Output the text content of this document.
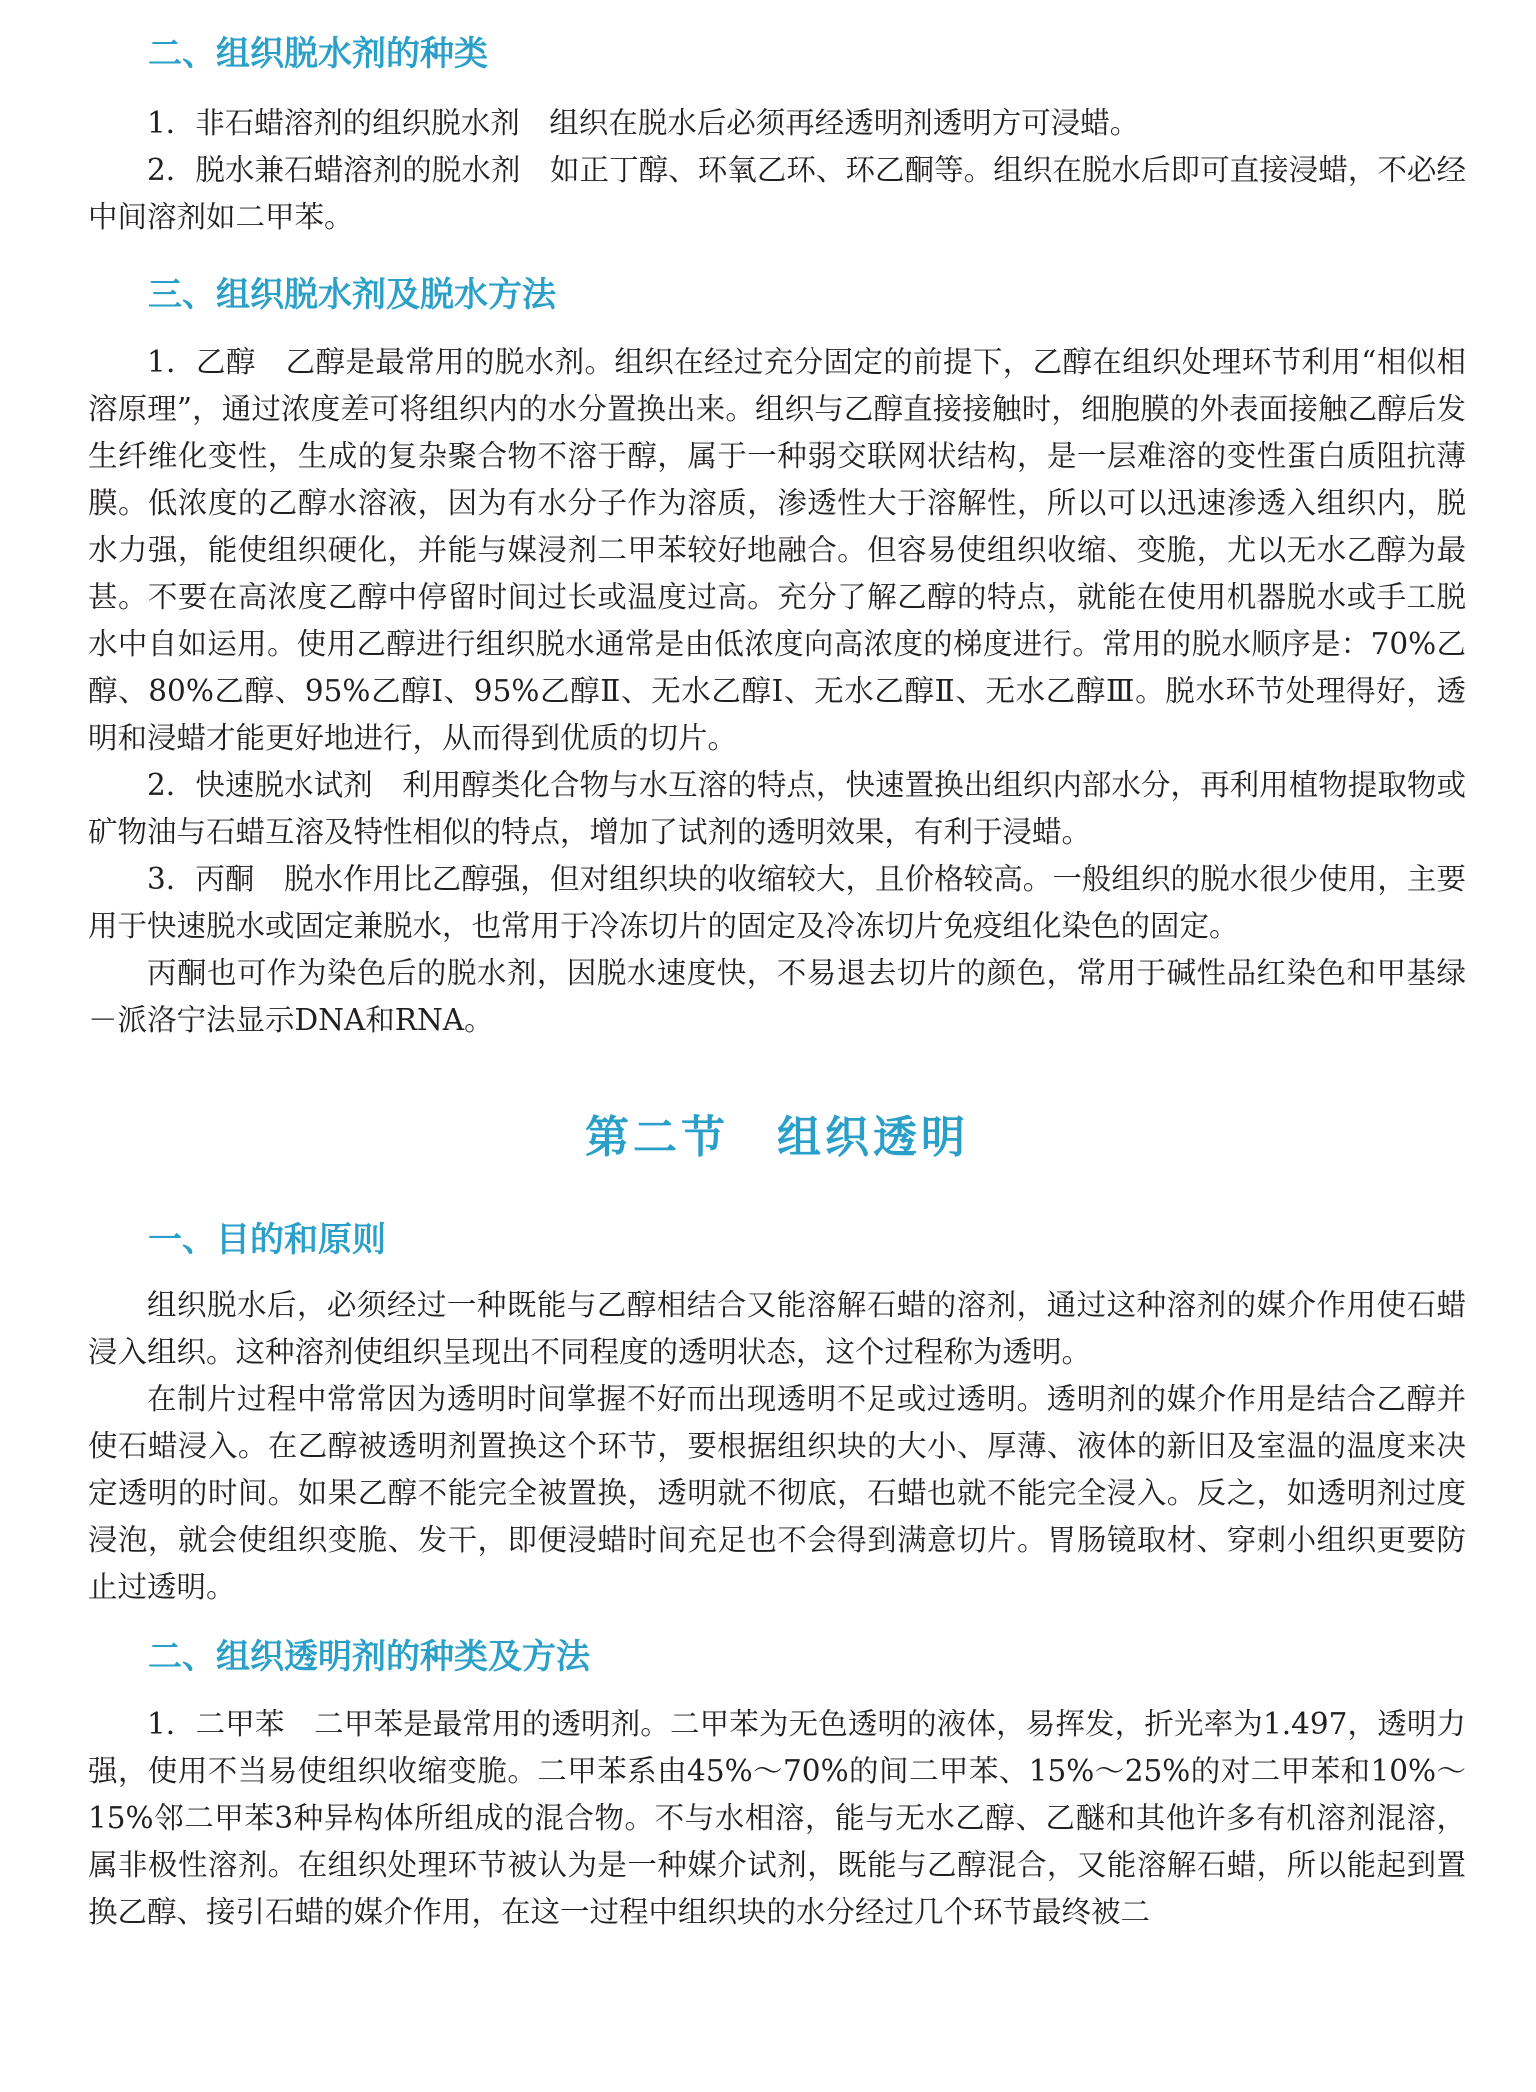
二、组织脱水剂的种类

1．非石蜡溶剂的组织脱水剂　组织在脱水后必须再经透明剂透明方可浸蜡。

2．脱水兼石蜡溶剂的脱水剂　如正丁醇、环氧乙环、环乙酮等。组织在脱水后即可直接浸蜡，不必经中间溶剂如二甲苯。

三、组织脱水剂及脱水方法

1．乙醇　乙醇是最常用的脱水剂。组织在经过充分固定的前提下，乙醇在组织处理环节利用“相似相溶原理”，通过浓度差可将组织内的水分置换出来。组织与乙醇直接接触时，细胞膜的外表面接触乙醇后发生纤维化变性，生成的复杂聚合物不溶于醇，属于一种弱交联网状结构，是一层难溶的变性蛋白质阻抗薄膜。低浓度的乙醇水溶液，因为有水分子作为溶质，渗透性大于溶解性，所以可以迅速渗透入组织内，脱水力强，能使组织硬化，并能与媒浸剂二甲苯较好地融合。但容易使组织收缩、变脆，尤以无水乙醇为最甚。不要在高浓度乙醇中停留时间过长或温度过高。充分了解乙醇的特点，就能在使用机器脱水或手工脱水中自如运用。使用乙醇进行组织脱水通常是由低浓度向高浓度的梯度进行。常用的脱水顺序是：70%乙醇、80%乙醇、95%乙醇Ⅰ、95%乙醇Ⅱ、无水乙醇Ⅰ、无水乙醇Ⅱ、无水乙醇Ⅲ。脱水环节处理得好，透明和浸蜡才能更好地进行，从而得到优质的切片。

2．快速脱水试剂　利用醇类化合物与水互溶的特点，快速置换出组织内部水分，再利用植物提取物或矿物油与石蜡互溶及特性相似的特点，增加了试剂的透明效果，有利于浸蜡。

3．丙酮　脱水作用比乙醇强，但对组织块的收缩较大，且价格较高。一般组织的脱水很少使用，主要用于快速脱水或固定兼脱水，也常用于冷冻切片的固定及冷冻切片免疫组化染色的固定。

丙酮也可作为染色后的脱水剂，因脱水速度快，不易退去切片的颜色，常用于碱性品红染色和甲基绿－派洛宁法显示DNA和RNA。

第二节　组织透明
一、目的和原则

组织脱水后，必须经过一种既能与乙醇相结合又能溶解石蜡的溶剂，通过这种溶剂的媒介作用使石蜡浸入组织。这种溶剂使组织呈现出不同程度的透明状态，这个过程称为透明。

在制片过程中常常因为透明时间掌握不好而出现透明不足或过透明。透明剂的媒介作用是结合乙醇并使石蜡浸入。在乙醇被透明剂置换这个环节，要根据组织块的大小、厚薄、液体的新旧及室温的温度来决定透明的时间。如果乙醇不能完全被置换，透明就不彻底，石蜡也就不能完全浸入。反之，如透明剂过度浸泡，就会使组织变脆、发干，即便浸蜡时间充足也不会得到满意切片。胃肠镜取材、穿刺小组织更要防止过透明。

二、组织透明剂的种类及方法

1．二甲苯　二甲苯是最常用的透明剂。二甲苯为无色透明的液体，易挥发，折光率为1.497，透明力强，使用不当易使组织收缩变脆。二甲苯系由45%～70%的间二甲苯、15%～25%的对二甲苯和10%～15%邻二甲苯3种异构体所组成的混合物。不与水相溶，能与无水乙醇、乙醚和其他许多有机溶剂混溶，属非极性溶剂。在组织处理环节被认为是一种媒介试剂，既能与乙醇混合，又能溶解石蜡，所以能起到置换乙醇、接引石蜡的媒介作用，在这一过程中组织块的水分经过几个环节最终被二
